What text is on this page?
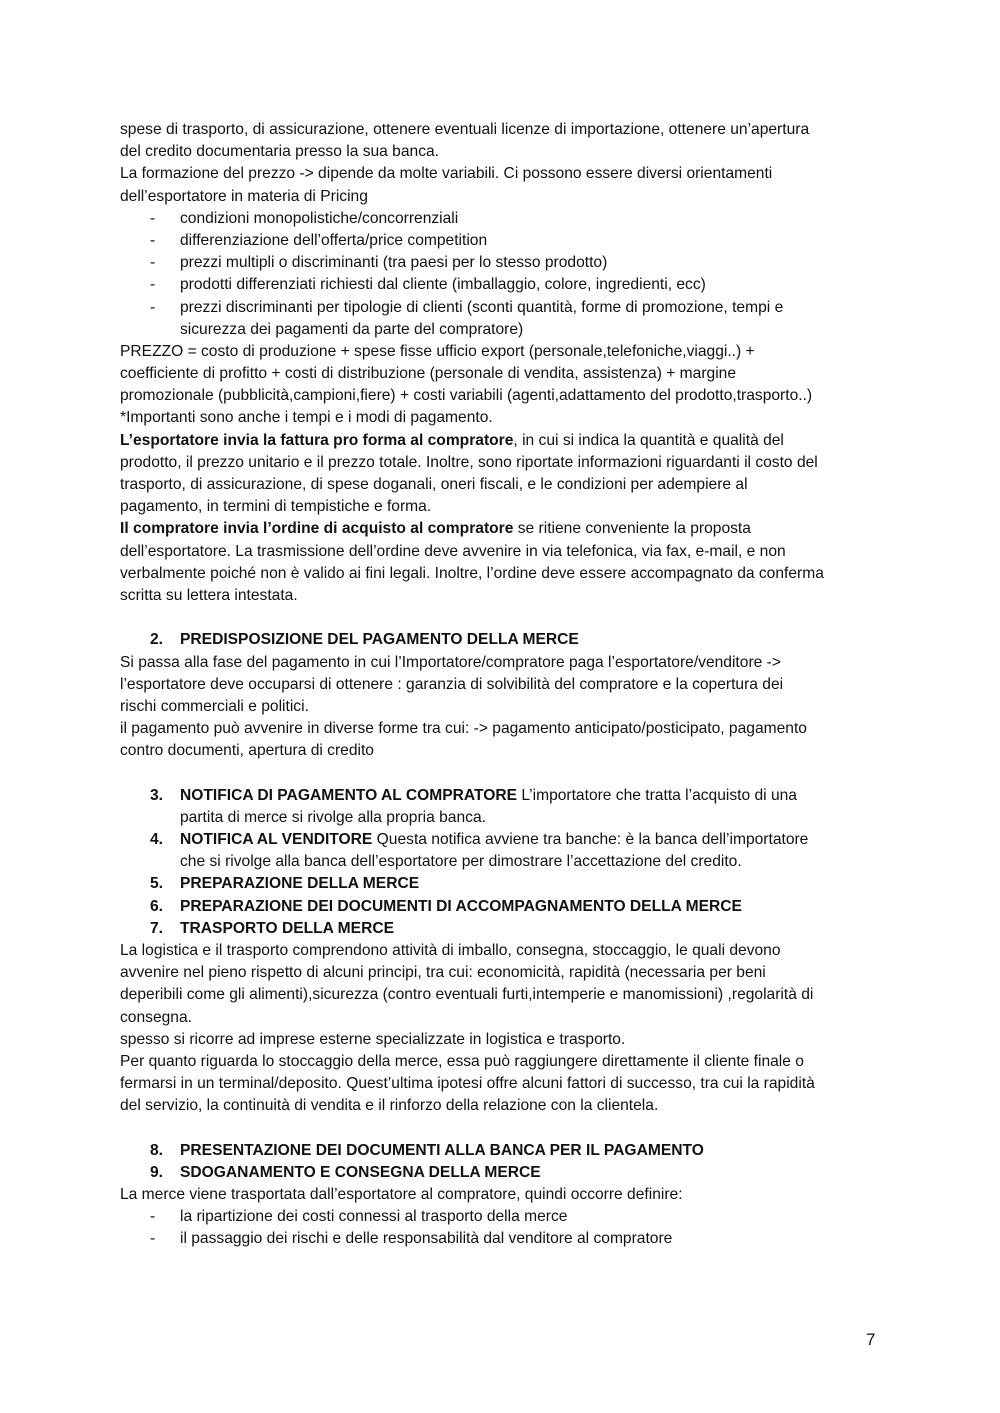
spese di trasporto, di assicurazione, ottenere eventuali licenze di importazione, ottenere un’apertura
del credito documentaria presso la sua banca.
La formazione del prezzo -> dipende da molte variabili. Ci possono essere diversi orientamenti
dell’esportatore in materia di Pricing
- condizioni monopolistiche/concorrenziali
- differenziazione dell’offerta/price competition
- prezzi multipli o discriminanti (tra paesi per lo stesso prodotto)
- prodotti differenziati richiesti dal cliente (imballaggio, colore, ingredienti, ecc)
- prezzi discriminanti per tipologie di clienti (sconti quantità, forme di promozione, tempi e
sicurezza dei pagamenti da parte del compratore)
PREZZO = costo di produzione + spese fisse ufficio export (personale,telefoniche,viaggi..) +
coefficiente di profitto + costi di distribuzione (personale di vendita, assistenza) + margine
promozionale (pubblicità,campioni,fiere) + costi variabili (agenti,adattamento del prodotto,trasporto..)
*Importanti sono anche i tempi e i modi di pagamento.
L’esportatore invia la fattura pro forma al compratore, in cui si indica la quantità e qualità del
prodotto, il prezzo unitario e il prezzo totale. Inoltre, sono riportate informazioni riguardanti il costo del
trasporto, di assicurazione, di spese doganali, oneri fiscali, e le condizioni per adempiere al
pagamento, in termini di tempistiche e forma.
Il compratore invia l’ordine di acquisto al compratore se ritiene conveniente la proposta
dell’esportatore. La trasmissione dell’ordine deve avvenire in via telefonica, via fax, e-mail, e non
verbalmente poiché non è valido ai fini legali. Inoltre, l’ordine deve essere accompagnato da conferma
scritta su lettera intestata.
2. PREDISPOSIZIONE DEL PAGAMENTO DELLA MERCE
Si passa alla fase del pagamento in cui l’Importatore/compratore paga l’esportatore/venditore ->
l’esportatore deve occuparsi di ottenere : garanzia di solvibilità del compratore e la copertura dei
rischi commerciali e politici.
il pagamento può avvenire in diverse forme tra cui: -> pagamento anticipato/posticipato, pagamento
contro documenti, apertura di credito
3. NOTIFICA DI PAGAMENTO AL COMPRATORE L’importatore che tratta l’acquisto di una
partita di merce si rivolge alla propria banca.
4. NOTIFICA AL VENDITORE Questa notifica avviene tra banche: è la banca dell’importatore
che si rivolge alla banca dell’esportatore per dimostrare l’accettazione del credito.
5. PREPARAZIONE DELLA MERCE
6. PREPARAZIONE DEI DOCUMENTI DI ACCOMPAGNAMENTO DELLA MERCE
7. TRASPORTO DELLA MERCE
La logistica e il trasporto comprendono attività di imballo, consegna, stoccaggio, le quali devono
avvenire nel pieno rispetto di alcuni principi, tra cui: economicità, rapidità (necessaria per beni
deperibili come gli alimenti),sicurezza (contro eventuali furti,intemperie e manomissioni) ,regolarità di
consegna.
spesso si ricorre ad imprese esterne specializzate in logistica e trasporto.
Per quanto riguarda lo stoccaggio della merce, essa può raggiungere direttamente il cliente finale o
fermarsi in un terminal/deposito. Quest’ultima ipotesi offre alcuni fattori di successo, tra cui la rapidità
del servizio, la continuità di vendita e il rinforzo della relazione con la clientela.
8. PRESENTAZIONE DEI DOCUMENTI ALLA BANCA PER IL PAGAMENTO
9. SDOGANAMENTO E CONSEGNA DELLA MERCE
La merce viene trasportata dall’esportatore al compratore, quindi occorre definire:
- la ripartizione dei costi connessi al trasporto della merce
- il passaggio dei rischi e delle responsabilità dal venditore al compratore
7
